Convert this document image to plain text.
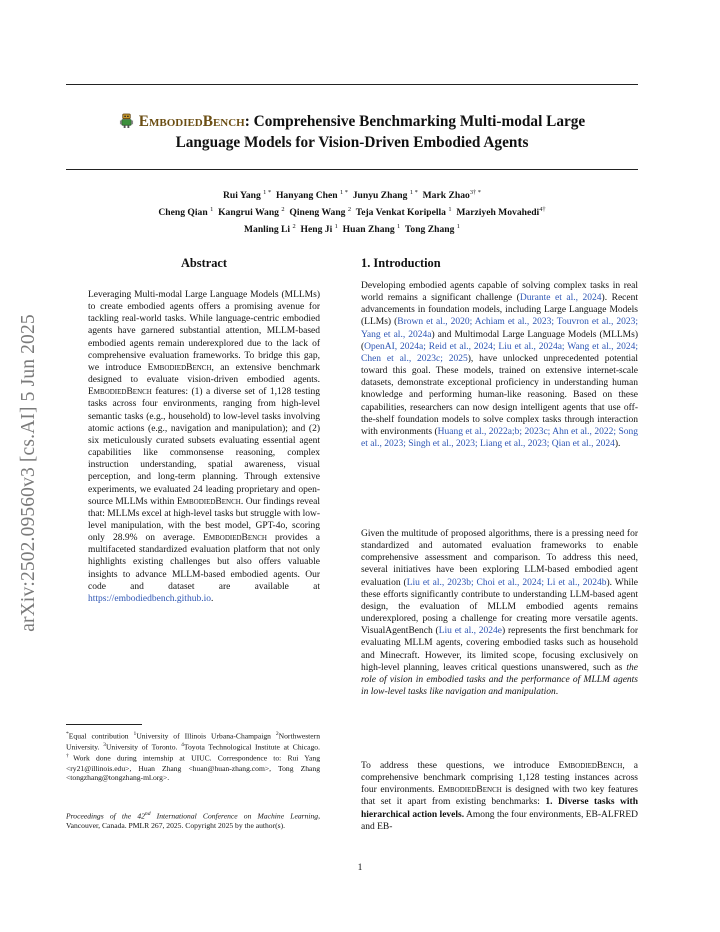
arXiv:2502.09560v3 [cs.AI] 5 Jun 2025
EmbodiedBench: Comprehensive Benchmarking Multi-modal Large
Language Models for Vision-Driven Embodied Agents
Rui Yang $^{1 *}$ Hanyang Chen $^{1 *}$ Junyu Zhang $^{1 *}$ Mark Zhao$^{3\dagger *}$
Cheng Qian $^1$ Kangrui Wang $^2$ Qineng Wang $^2$ Teja Venkat Koripella $^1$ Marziyeh Movahedi$^{4\dagger}$
Manling Li $^2$ Heng Ji $^1$ Huan Zhang $^1$ Tong Zhang $^1$
Abstract

Leveraging Multi-modal Large Language Models (MLLMs) to create embodied agents offers a promising avenue for tackling real-world tasks. While language-centric embodied agents have garnered substantial attention, MLLM-based embodied agents remain underexplored due to the lack of comprehensive evaluation frameworks. To bridge this gap, we introduce EmbodiedBench, an extensive benchmark designed to evaluate vision-driven embodied agents. EmbodiedBench features: (1) a diverse set of 1,128 testing tasks across four environments, ranging from high-level semantic tasks (e.g., household) to low-level tasks involving atomic actions (e.g., navigation and manipulation); and (2) six meticulously curated subsets evaluating essential agent capabilities like commonsense reasoning, complex instruction understanding, spatial awareness, visual perception, and long-term planning. Through extensive experiments, we evaluated 24 leading proprietary and open-source MLLMs within EmbodiedBench. Our findings reveal that: MLLMs excel at high-level tasks but struggle with low-level manipulation, with the best model, GPT-4o, scoring only 28.9% on average. EmbodiedBench provides a multifaceted standardized evaluation platform that not only highlights existing challenges but also offers valuable insights to advance MLLM-based embodied agents. Our code and dataset are available at https://embodiedbench.github.io.

*Equal contribution $^1$University of Illinois Urbana-Champaign $^2$Northwestern University. $^3$University of Toronto. $^4$Toyota Technological Institute at Chicago. †Work done during internship at UIUC. Correspondence to: Rui Yang <ry21@illinois.edu>, Huan Zhang <huan@huan-zhang.com>, Tong Zhang <tongzhang@tongzhang-ml.org>.

Proceedings of the 42nd International Conference on Machine Learning, Vancouver, Canada. PMLR 267, 2025. Copyright 2025 by the author(s).

1. Introduction

Developing embodied agents capable of solving complex tasks in real world remains a significant challenge (Durante et al., 2024). Recent advancements in foundation models, including Large Language Models (LLMs) (Brown et al., 2020; Achiam et al., 2023; Touvron et al., 2023; Yang et al., 2024a) and Multimodal Large Language Models (MLLMs) (OpenAI, 2024a; Reid et al., 2024; Liu et al., 2024a; Wang et al., 2024; Chen et al., 2023c; 2025), have unlocked unprecedented potential toward this goal. These models, trained on extensive internet-scale datasets, demonstrate exceptional proficiency in understanding human knowledge and performing human-like reasoning. Based on these capabilities, researchers can now design intelligent agents that use off-the-shelf foundation models to solve complex tasks through interaction with environments (Huang et al., 2022a;b; 2023c; Ahn et al., 2022; Song et al., 2023; Singh et al., 2023; Liang et al., 2023; Qian et al., 2024).

Given the multitude of proposed algorithms, there is a pressing need for standardized and automated evaluation frameworks to enable comprehensive assessment and comparison. To address this need, several initiatives have been exploring LLM-based embodied agent evaluation (Liu et al., 2023b; Choi et al., 2024; Li et al., 2024b). While these efforts significantly contribute to understanding LLM-based agent design, the evaluation of MLLM embodied agents remains underexplored, posing a challenge for creating more versatile agents. VisualAgentBench (Liu et al., 2024e) represents the first benchmark for evaluating MLLM agents, covering embodied tasks such as household and Minecraft. However, its limited scope, focusing exclusively on high-level planning, leaves critical questions unanswered, such as the role of vision in embodied tasks and the performance of MLLM agents in low-level tasks like navigation and manipulation.

To address these questions, we introduce EmbodiedBench, a comprehensive benchmark comprising 1,128 testing instances across four environments. EmbodiedBench is designed with two key features that set it apart from existing benchmarks: 1. Diverse tasks with hierarchical action levels. Among the four environments, EB-ALFRED and EB-

1
